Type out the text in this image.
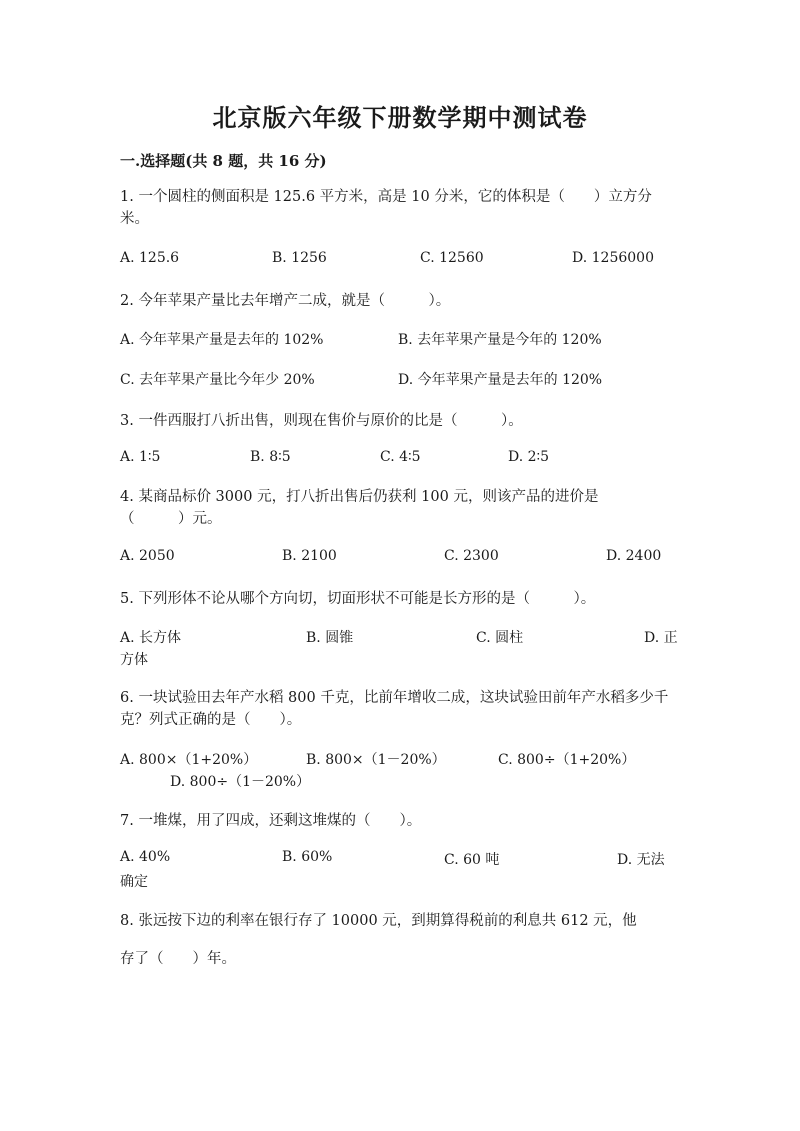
北京版六年级下册数学期中测试卷
一.选择题(共 8 题，共 16 分)
1. 一个圆柱的侧面积是 125.6 平方米，高是 10 分米，它的体积是（　　）立方分米。
A. 125.6	B. 1256	C. 12560	D. 1256000
2. 今年苹果产量比去年增产二成，就是（　　　）。
A. 今年苹果产量是去年的 102%	B. 去年苹果产量是今年的 120%
C. 去年苹果产量比今年少 20%	D. 今年苹果产量是去年的 120%
3. 一件西服打八折出售，则现在售价与原价的比是（　　　）。
A. 1∶5	B. 8∶5	C. 4∶5	D. 2∶5
4. 某商品标价 3000 元，打八折出售后仍获利 100 元，则该产品的进价是（　　　）元。
A. 2050	B. 2100	C. 2300	D. 2400
5. 下列形体不论从哪个方向切，切面形状不可能是长方形的是（　　　）。
A. 长方体	B. 圆锥	C. 圆柱	D. 正
方体
6. 一块试验田去年产水稻 800 千克，比前年增收二成，这块试验田前年产水稻多少千克？列式正确的是（　　）。
A. 800×（1+20%）	B. 800×（1－20%）	C. 800÷（1+20%）
D. 800÷（1－20%）
7. 一堆煤，用了四成，还剩这堆煤的（　　）。
A. 40%	B. 60%	C. 60 吨	D. 无法
确定
8. 张远按下边的利率在银行存了 10000 元，到期算得税前的利息共 612 元，他
存了（　　）年。
